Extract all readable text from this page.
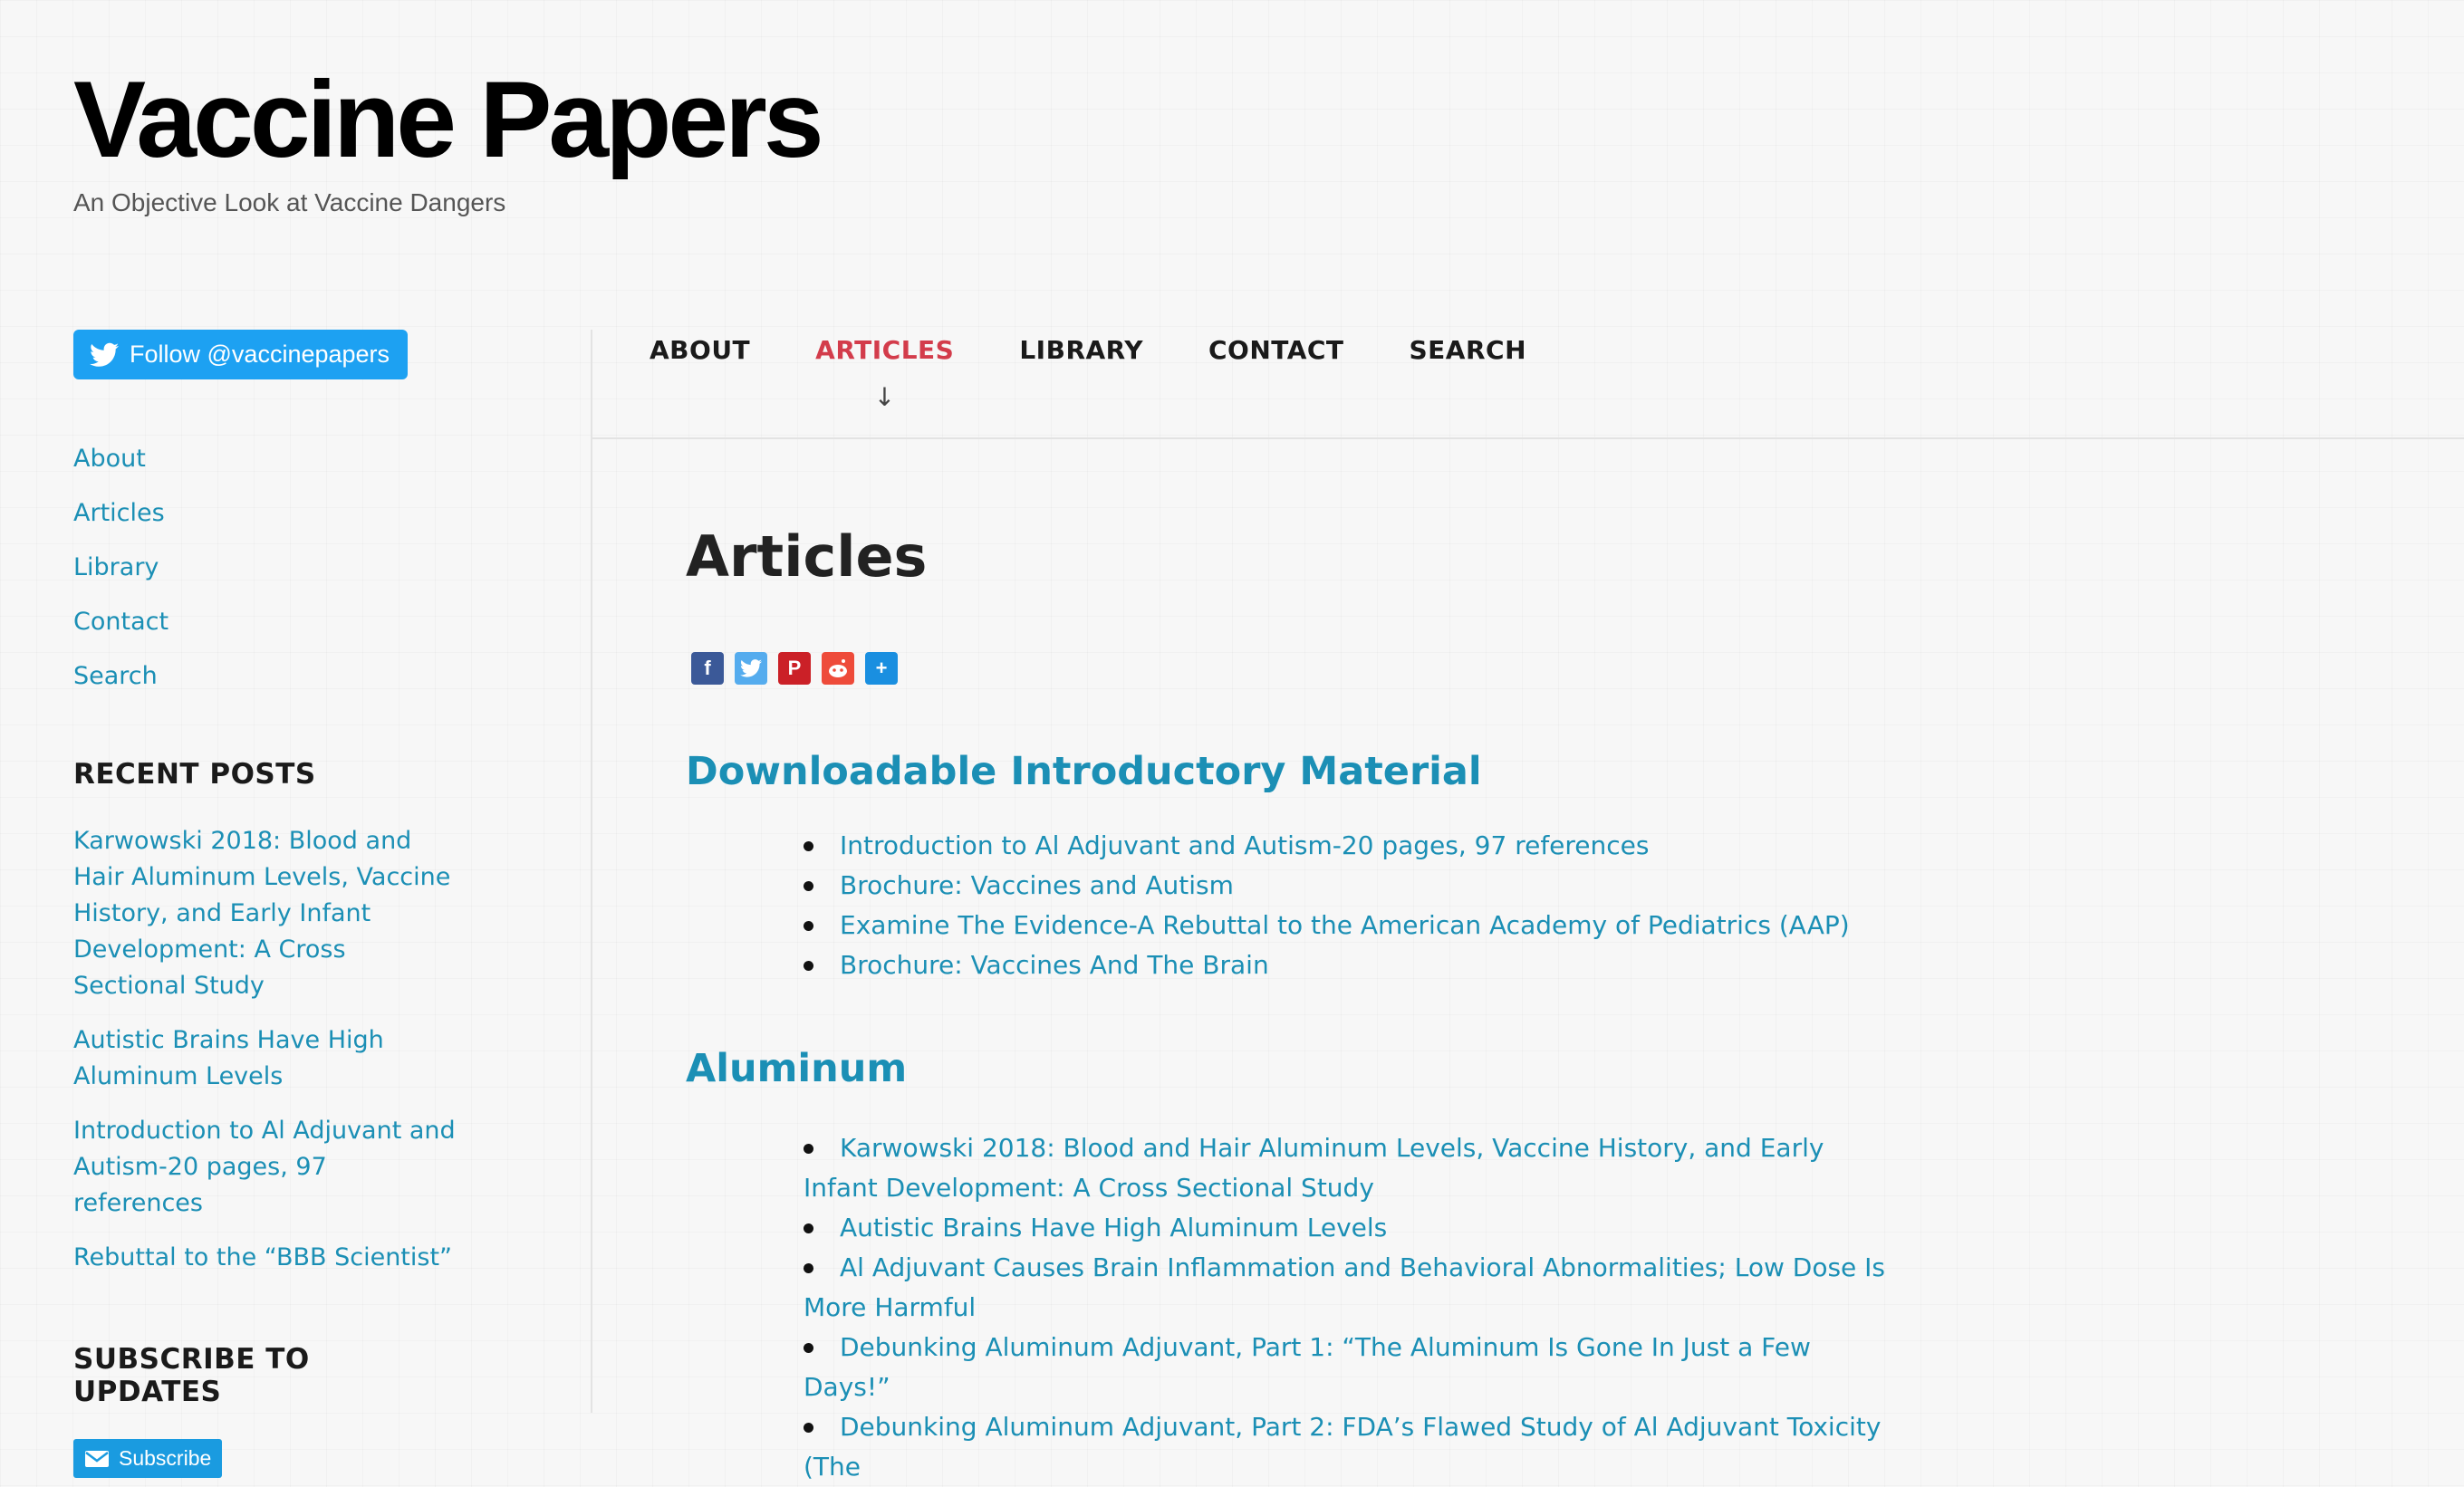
Vaccine Papers
An Objective Look at Vaccine Dangers
Follow @vaccinepapers
About
Articles
Library
Contact
Search
RECENT POSTS
Karwowski 2018: Blood and Hair Aluminum Levels, Vaccine History, and Early Infant Development: A Cross Sectional Study
Autistic Brains Have High Aluminum Levels
Introduction to Al Adjuvant and Autism-20 pages, 97 references
Rebuttal to the “BBB Scientist”
SUBSCRIBE TO UPDATES
Subscribe
ABOUT	ARTICLES
↓
LIBRARY	CONTACT	SEARCH
Articles
f	P	+
Downloadable Introductory Material
Introduction to Al Adjuvant and Autism-20 pages, 97 references
Brochure: Vaccines and Autism
Examine The Evidence-A Rebuttal to the American Academy of Pediatrics (AAP)
Brochure: Vaccines And The Brain
Aluminum
Karwowski 2018: Blood and Hair Aluminum Levels, Vaccine History, and Early Infant Development: A Cross Sectional Study
Autistic Brains Have High Aluminum Levels
Al Adjuvant Causes Brain Inflammation and Behavioral Abnormalities; Low Dose Is More Harmful
Debunking Aluminum Adjuvant, Part 1: “The Aluminum Is Gone In Just a Few Days!”
Debunking Aluminum Adjuvant, Part 2: FDA’s Flawed Study of Al Adjuvant Toxicity (The
